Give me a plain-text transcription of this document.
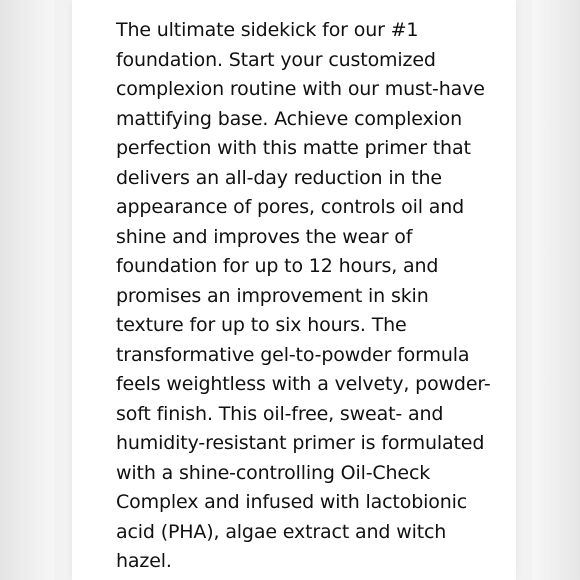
The ultimate sidekick for our #1
foundation. Start your customized
complexion routine with our must-have
mattifying base. Achieve complexion
perfection with this matte primer that
delivers an all-day reduction in the
appearance of pores, controls oil and
shine and improves the wear of
foundation for up to 12 hours, and
promises an improvement in skin
texture for up to six hours. The
transformative gel-to-powder formula
feels weightless with a velvety, powder-
soft finish. This oil-free, sweat- and
humidity-resistant primer is formulated
with a shine-controlling Oil-Check
Complex and infused with lactobionic
acid (PHA), algae extract and witch
hazel.
